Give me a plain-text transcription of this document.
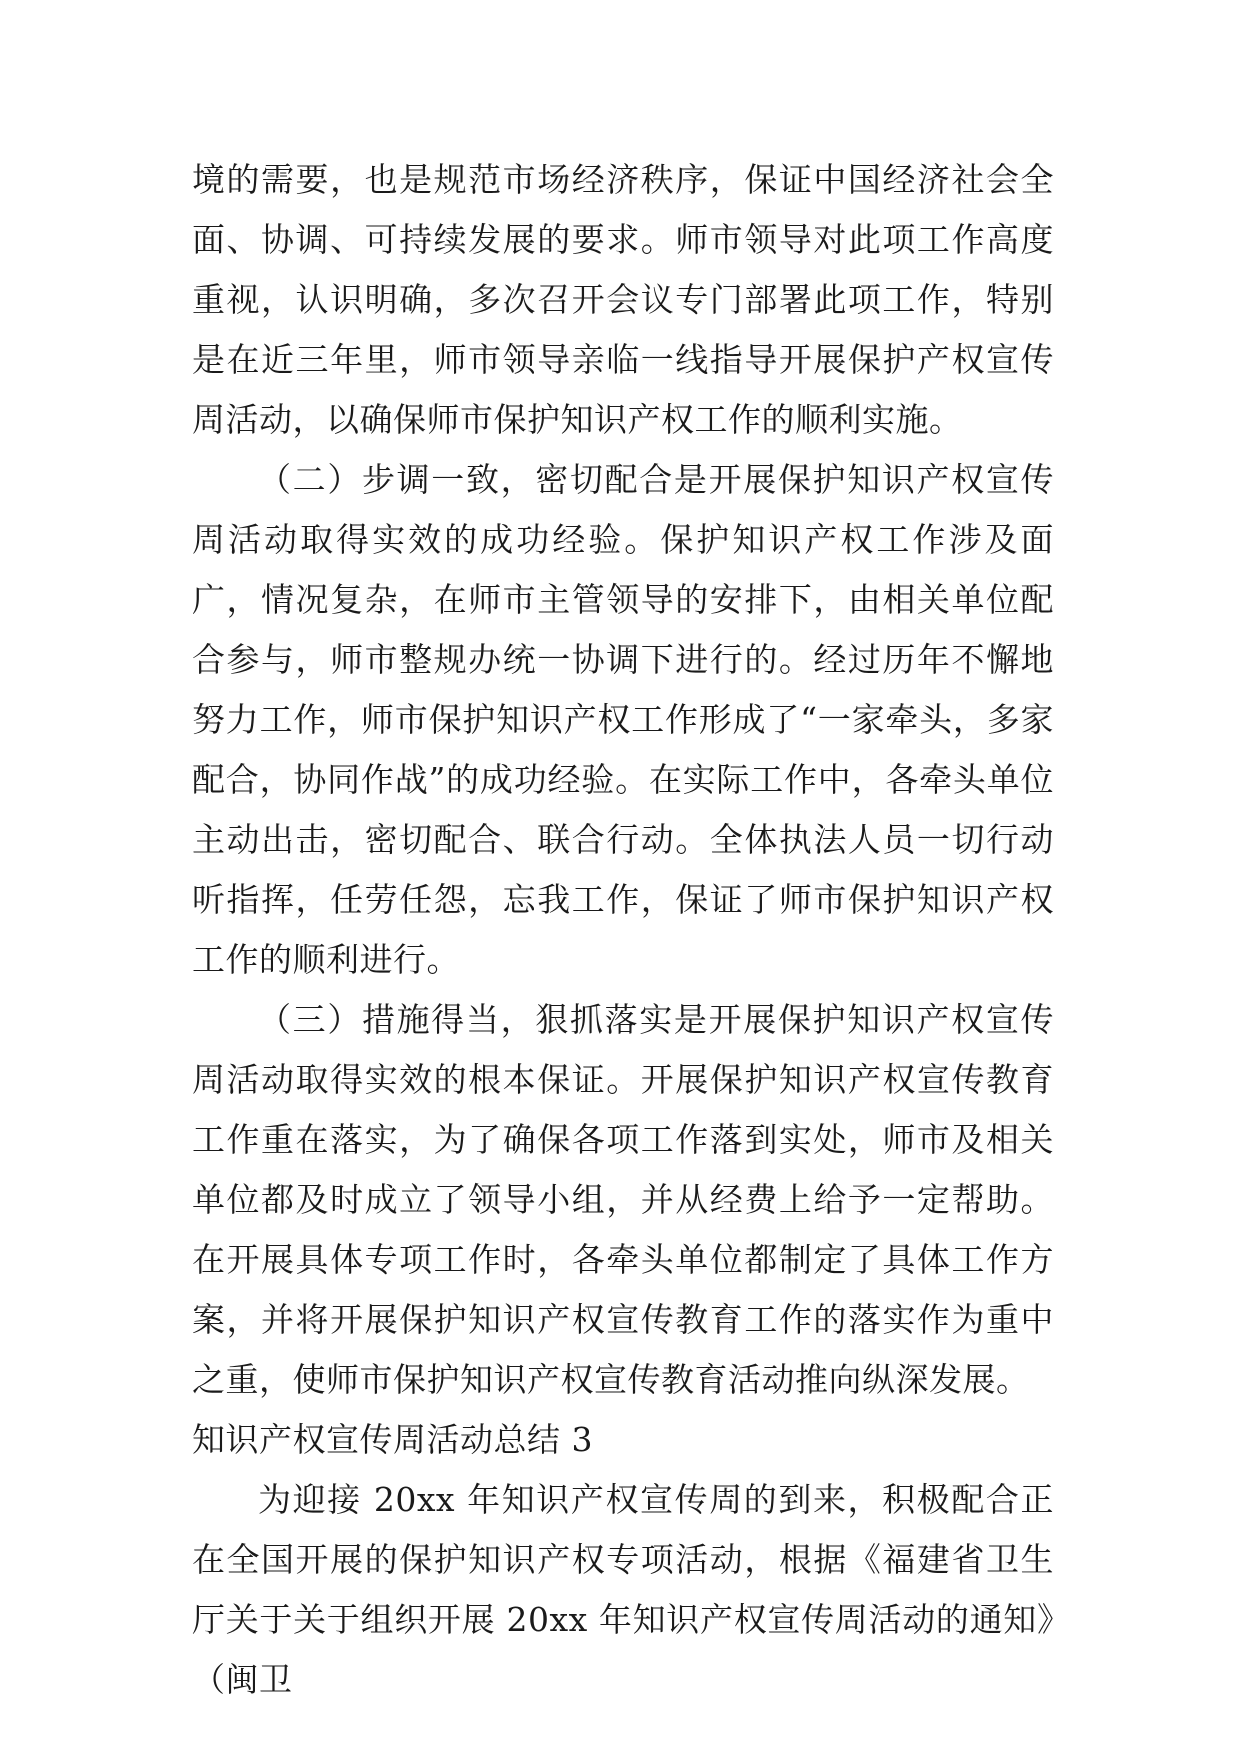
境的需要，也是规范市场经济秩序，保证中国经济社会全面、协调、可持续发展的要求。师市领导对此项工作高度重视，认识明确，多次召开会议专门部署此项工作，特别是在近三年里，师市领导亲临一线指导开展保护产权宣传周活动，以确保师市保护知识产权工作的顺利实施。

（二）步调一致，密切配合是开展保护知识产权宣传周活动取得实效的成功经验。保护知识产权工作涉及面广，情况复杂，在师市主管领导的安排下，由相关单位配合参与，师市整规办统一协调下进行的。经过历年不懈地努力工作，师市保护知识产权工作形成了“一家牵头，多家配合，协同作战”的成功经验。在实际工作中，各牵头单位主动出击，密切配合、联合行动。全体执法人员一切行动听指挥，任劳任怨，忘我工作，保证了师市保护知识产权工作的顺利进行。

（三）措施得当，狠抓落实是开展保护知识产权宣传周活动取得实效的根本保证。开展保护知识产权宣传教育工作重在落实，为了确保各项工作落到实处，师市及相关单位都及时成立了领导小组，并从经费上给予一定帮助。在开展具体专项工作时，各牵头单位都制定了具体工作方案，并将开展保护知识产权宣传教育工作的落实作为重中之重，使师市保护知识产权宣传教育活动推向纵深发展。

知识产权宣传周活动总结 3

为迎接 20xx 年知识产权宣传周的到来，积极配合正在全国开展的保护知识产权专项活动，根据《福建省卫生厅关于关于组织开展 20xx 年知识产权宣传周活动的通知》（闽卫
